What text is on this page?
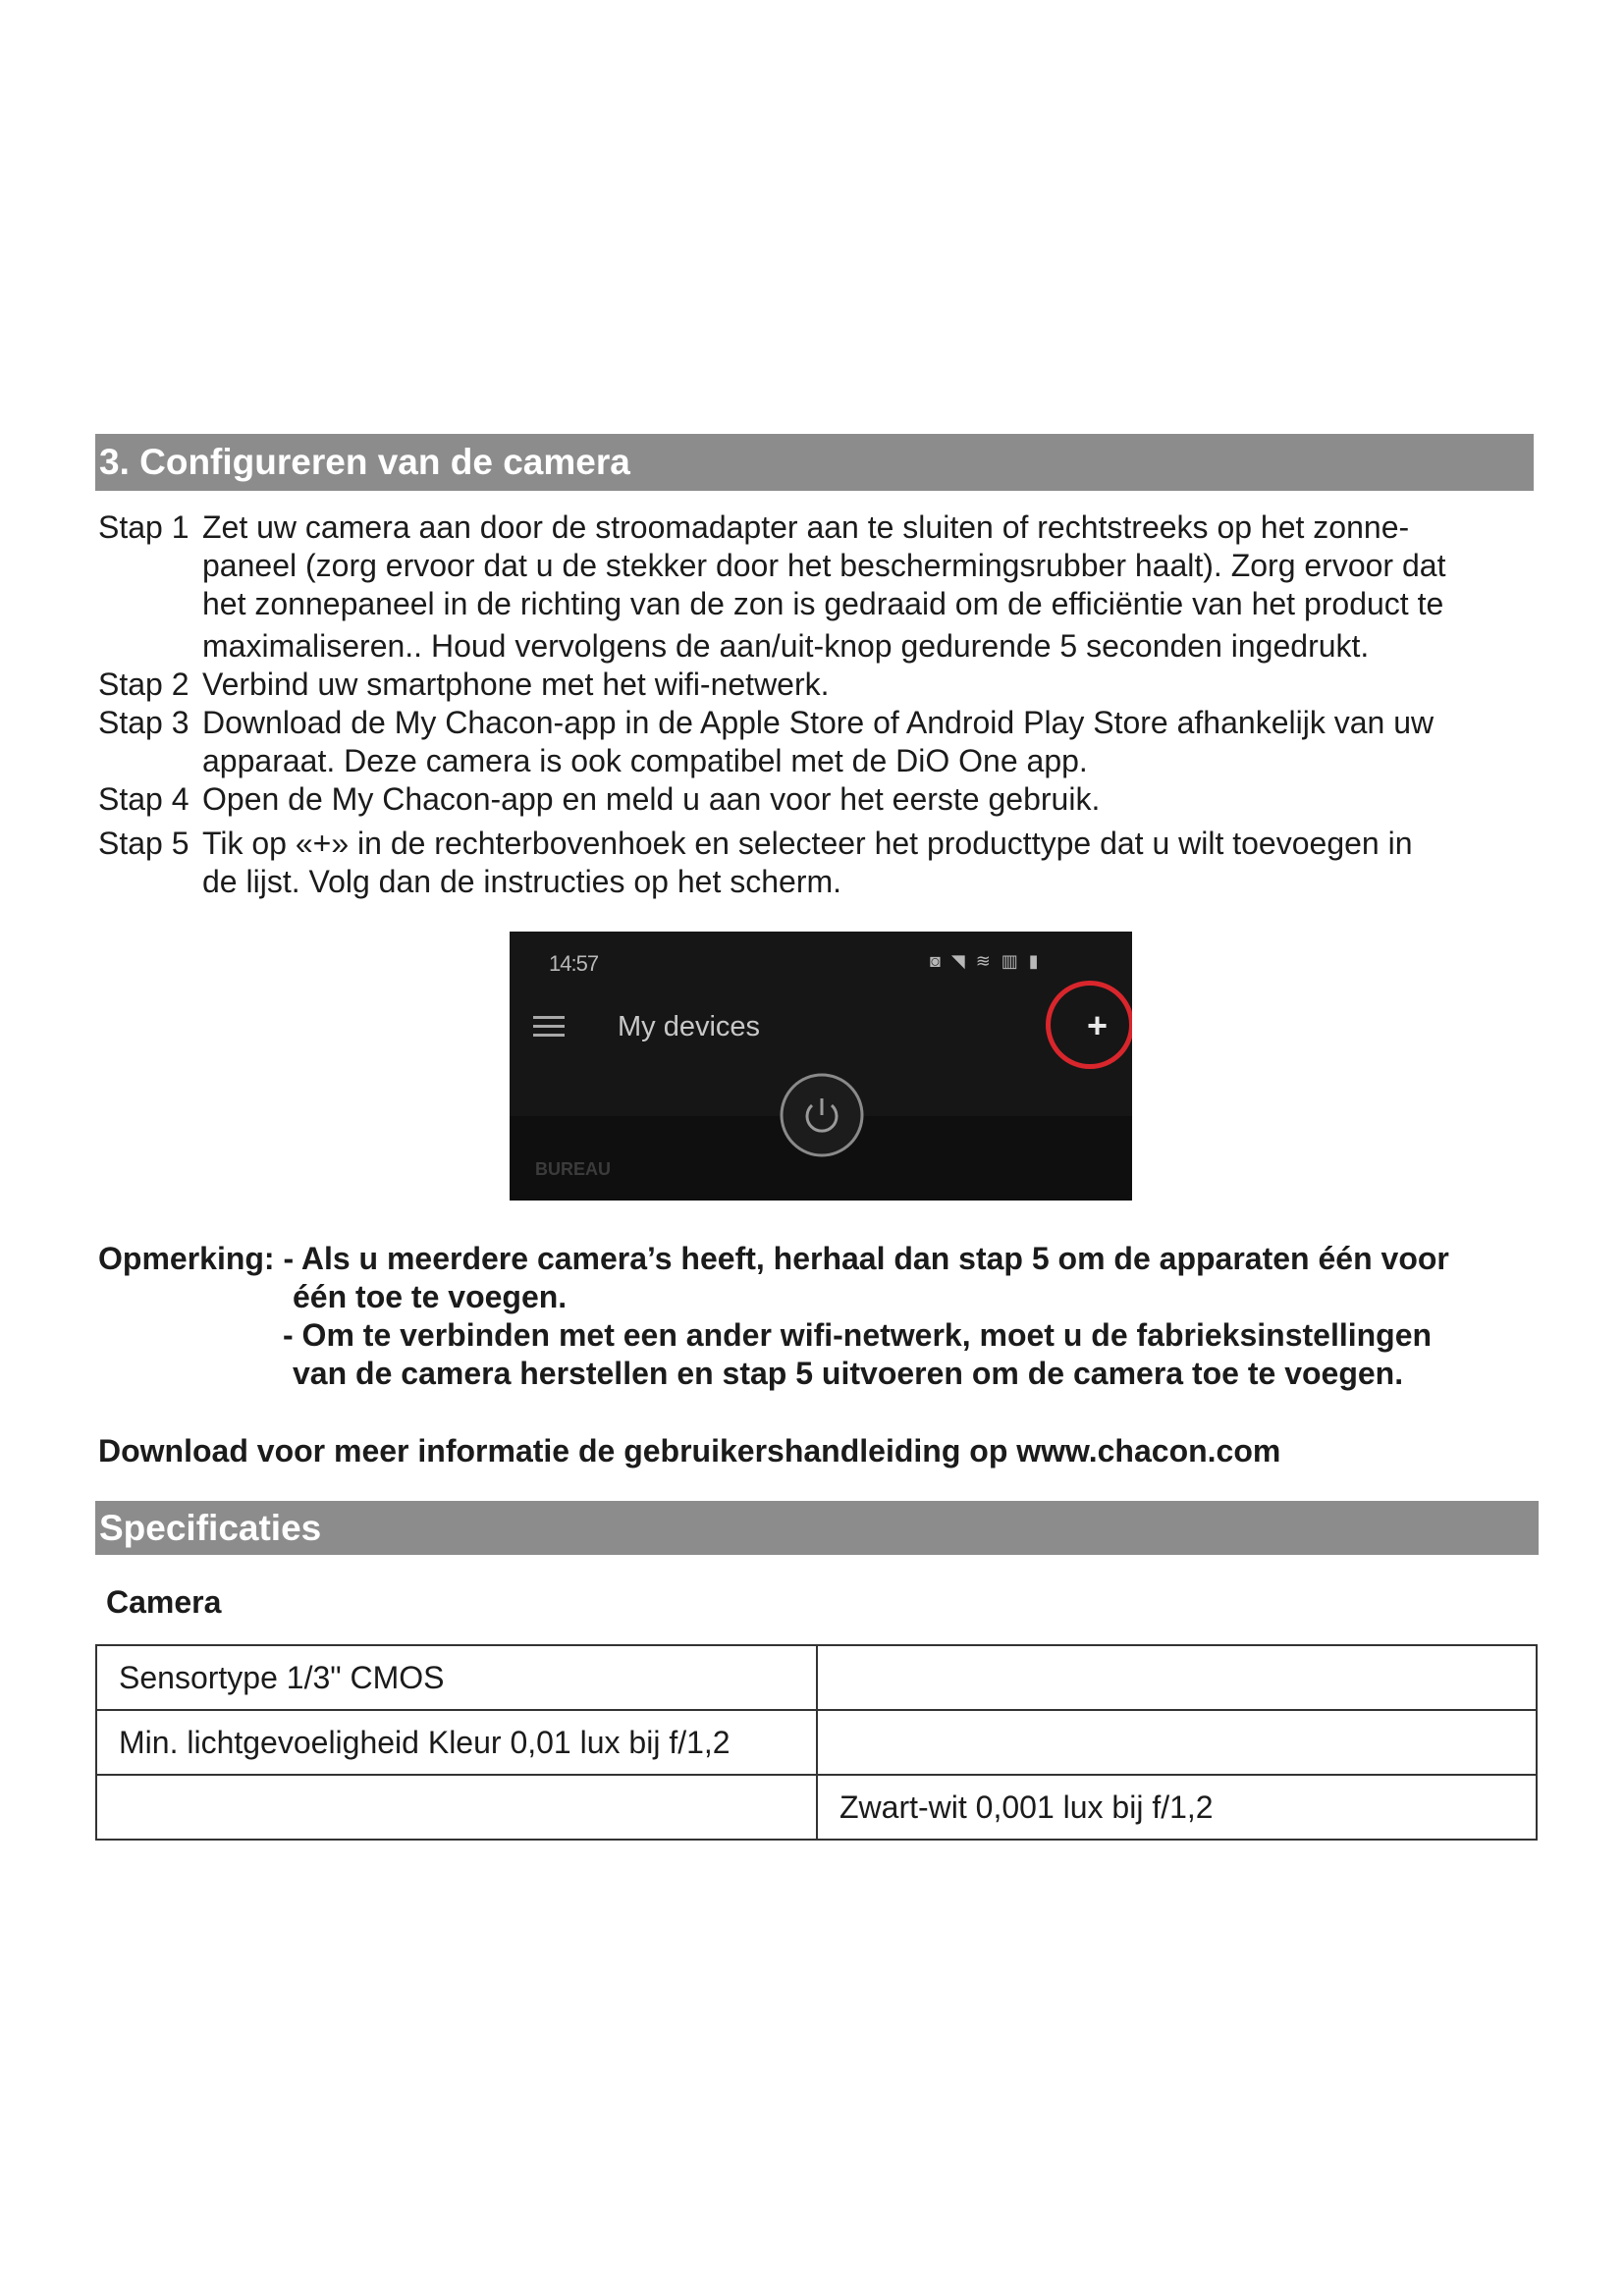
3. Configureren van de camera
Stap 1 Zet uw camera aan door de stroomadapter aan te sluiten of rechtstreeks op het zonne-
paneel (zorg ervoor dat u de stekker door het beschermingsrubber haalt). Zorg ervoor dat
het zonnepaneel in de richting van de zon is gedraaid om de efficiëntie van het product te
maximaliseren.. Houd vervolgens de aan/uit-knop gedurende 5 seconden ingedrukt.
Stap 2 Verbind uw smartphone met het wifi-netwerk.
Stap 3 Download de My Chacon-app in de Apple Store of Android Play Store afhankelijk van uw
apparaat. Deze camera is ook compatibel met de DiO One app.
Stap 4 Open de My Chacon-app en meld u aan voor het eerste gebruik.
Stap 5 Tik op «+» in de rechterbovenhoek en selecteer het producttype dat u wilt toevoegen in
de lijst. Volg dan de instructies op het scherm.
14:57	◙ ◥ ≋ ▥ ▮
My devices	+
BUREAU
Opmerking: - Als u meerdere camera’s heeft, herhaal dan stap 5 om de apparaten één voor
één toe te voegen.
- Om te verbinden met een ander wifi-netwerk, moet u de fabrieksinstellingen
van de camera herstellen en stap 5 uitvoeren om de camera toe te voegen.
Download voor meer informatie de gebruikershandleiding op www.chacon.com
Specificaties
Camera
Sensortype 1/3" CMOS	
Min. lichtgevoeligheid Kleur 0,01 lux bij f/1,2	
	Zwart-wit 0,001 lux bij f/1,2
